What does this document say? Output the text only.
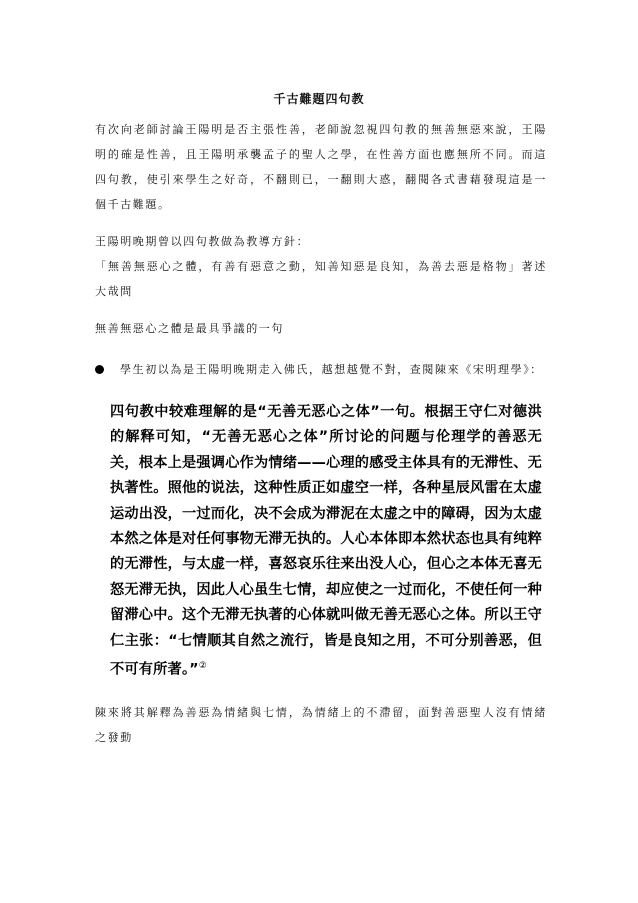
千古難題四句教

有次向老師討論王陽明是否主張性善，老師說忽視四句教的無善無惡來說，王陽明的確是性善，且王陽明承襲孟子的聖人之學，在性善方面也應無所不同。而這四句教，使引來學生之好奇，不翻則已，一翻則大惑，翻閱各式書藉發現這是一個千古難題。

王陽明晚期曾以四句教做為教導方針：

「無善無惡心之體，有善有惡意之動，知善知惡是良知，為善去惡是格物」著述大哉問

無善無惡心之體是最具爭議的一句

學生初以為是王陽明晚期走入佛氏，越想越覺不對，查閱陳來《宋明理學》：

四句教中较难理解的是“无善无恶心之体”一句。根据王守仁对德洪的解释可知，“无善无恶心之体”所讨论的问题与伦理学的善恶无关，根本上是强调心作为情绪——心理的感受主体具有的无滞性、无执著性。照他的说法，这种性质正如虚空一样，各种星辰风雷在太虚运动出没，一过而化，决不会成为滞泥在太虚之中的障碍，因为太虚本然之体是对任何事物无滞无执的。人心本体即本然状态也具有纯粹的无滞性，与太虚一样，喜怒哀乐往来出没人心，但心之本体无喜无怒无滞无执，因此人心虽生七情，却应使之一过而化，不使任何一种留滞心中。这个无滞无执著的心体就叫做无善无恶心之体。所以王守仁主张：“七情顺其自然之流行，皆是良知之用，不可分别善恶，但不可有所著。”②

陳來將其解釋為善惡為情緒與七情，為情緒上的不滯留，面對善惡聖人沒有情緒之發動
